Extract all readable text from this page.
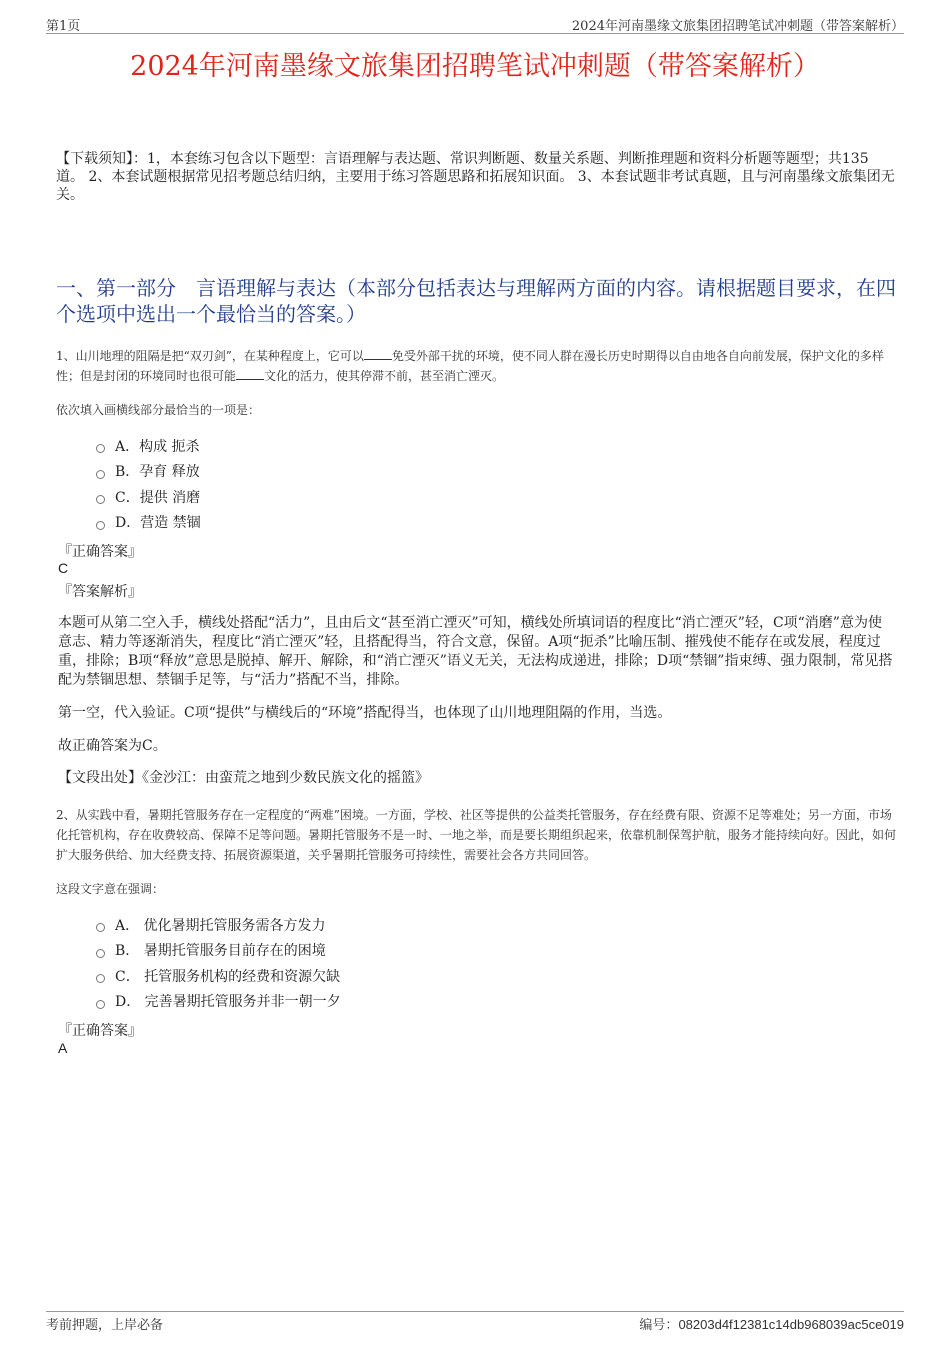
第1页	2024年河南墨缘文旅集团招聘笔试冲刺题（带答案解析）
2024年河南墨缘文旅集团招聘笔试冲刺题（带答案解析）
【下载须知】：1，本套练习包含以下题型：言语理解与表达题、常识判断题、数量关系题、判断推理题和资料分析题等题型；共135道。 2、本套试题根据常见招考题总结归纳，主要用于练习答题思路和拓展知识面。 3、本套试题非考试真题，且与河南墨缘文旅集团无关。
一、第一部分　言语理解与表达（本部分包括表达与理解两方面的内容。请根据题目要求，在四个选项中选出一个最恰当的答案。）
1、山川地理的阻隔是把“双刃剑”，在某种程度上，它可以 免受外部干扰的环境，使不同人群在漫长历史时期得以自由地各自向前发展，保护文化的多样性；但是封闭的环境同时也很可能 文化的活力，使其停滞不前，甚至消亡湮灭。
依次填入画横线部分最恰当的一项是：
A．构成 扼杀
B．孕育 释放
C．提供 消磨
D．营造 禁锢
『正确答案』
C
『答案解析』
本题可从第二空入手，横线处搭配“活力”，且由后文“甚至消亡湮灭”可知，横线处所填词语的程度比“消亡湮灭”轻，C项“消磨”意为使意志、精力等逐渐消失，程度比“消亡湮灭”轻，且搭配得当，符合文意，保留。A项“扼杀”比喻压制、摧残使不能存在或发展，程度过重，排除；B项“释放”意思是脱掉、解开、解除，和“消亡湮灭”语义无关，无法构成递进，排除；D项“禁锢”指束缚、强力限制，常见搭配为禁锢思想、禁锢手足等，与“活力”搭配不当，排除。
第一空，代入验证。C项“提供”与横线后的“环境”搭配得当，也体现了山川地理阻隔的作用，当选。
故正确答案为C。
【文段出处】《金沙江：由蛮荒之地到少数民族文化的摇篮》
2、从实践中看，暑期托管服务存在一定程度的“两难”困境。一方面，学校、社区等提供的公益类托管服务，存在经费有限、资源不足等难处；另一方面，市场化托管机构，存在收费较高、保障不足等问题。暑期托管服务不是一时、一地之举，而是要长期组织起来，依靠机制保驾护航，服务才能持续向好。因此，如何扩大服务供给、加大经费支持、拓展资源渠道，关乎暑期托管服务可持续性，需要社会各方共同回答。
这段文字意在强调：
A． 优化暑期托管服务需各方发力
B． 暑期托管服务目前存在的困境
C． 托管服务机构的经费和资源欠缺
D． 完善暑期托管服务并非一朝一夕
『正确答案』
A
考前押题，上岸必备	编号：08203d4f12381c14db968039ac5ce019
